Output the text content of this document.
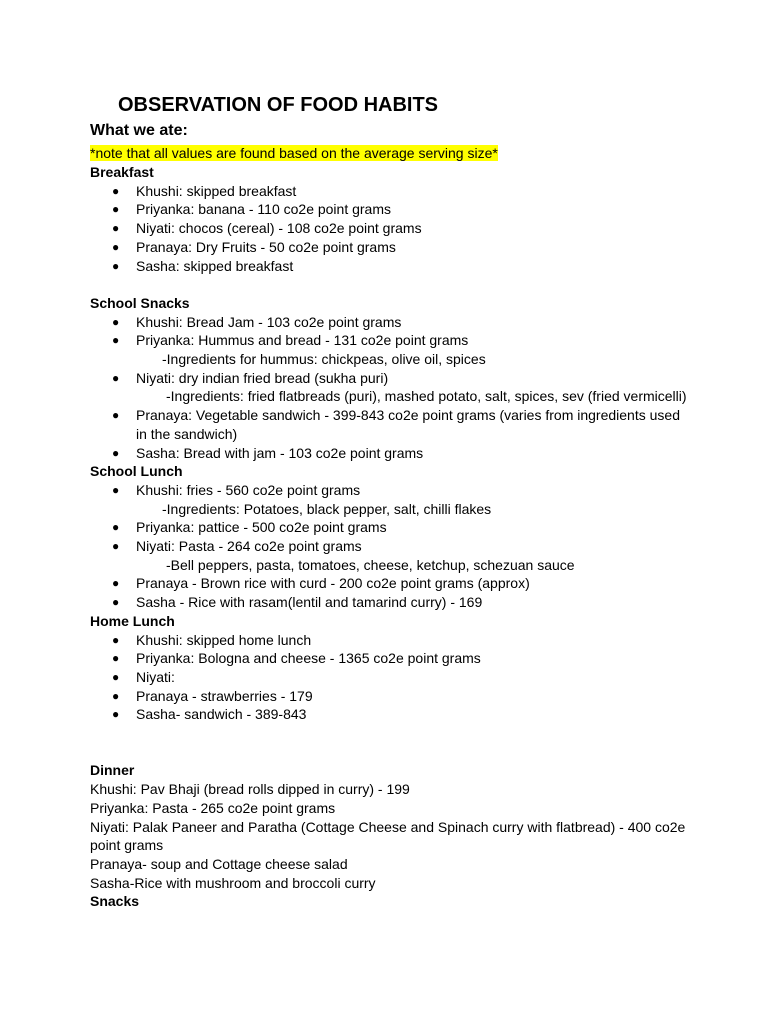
OBSERVATION OF FOOD HABITS
What we ate:
*note that all values are found based on the average serving size*
Breakfast
● Khushi: skipped breakfast
● Priyanka: banana - 110 co2e point grams
● Niyati: chocos (cereal) - 108 co2e point grams
● Pranaya: Dry Fruits - 50 co2e point grams
● Sasha: skipped breakfast
School Snacks
● Khushi: Bread Jam - 103 co2e point grams
● Priyanka: Hummus and bread - 131 co2e point grams

-Ingredients for hummus: chickpeas, olive oil, spices

● Niyati: dry indian fried bread (sukha puri)

-Ingredients: fried flatbreads (puri), mashed potato, salt, spices, sev (fried vermicelli)

● Pranaya: Vegetable sandwich - 399-843 co2e point grams (varies from ingredients used in the sandwich)
● Sasha: Bread with jam - 103 co2e point grams
School Lunch
● Khushi: fries - 560 co2e point grams

-Ingredients: Potatoes, black pepper, salt, chilli flakes

● Priyanka: pattice - 500 co2e point grams
● Niyati: Pasta - 264 co2e point grams

-Bell peppers, pasta, tomatoes, cheese, ketchup, schezuan sauce

● Pranaya - Brown rice with curd - 200 co2e point grams (approx)
● Sasha - Rice with rasam(lentil and tamarind curry) - 169
Home Lunch
● Khushi: skipped home lunch
● Priyanka: Bologna and cheese - 1365 co2e point grams
● Niyati:
● Pranaya - strawberries - 179
● Sasha- sandwich - 389-843
Dinner

Khushi: Pav Bhaji (bread rolls dipped in curry) - 199

Priyanka: Pasta - 265 co2e point grams

Niyati: Palak Paneer and Paratha (Cottage Cheese and Spinach curry with flatbread) - 400 co2e point grams

Pranaya- soup and Cottage cheese salad

Sasha-Rice with mushroom and broccoli curry

Snacks
